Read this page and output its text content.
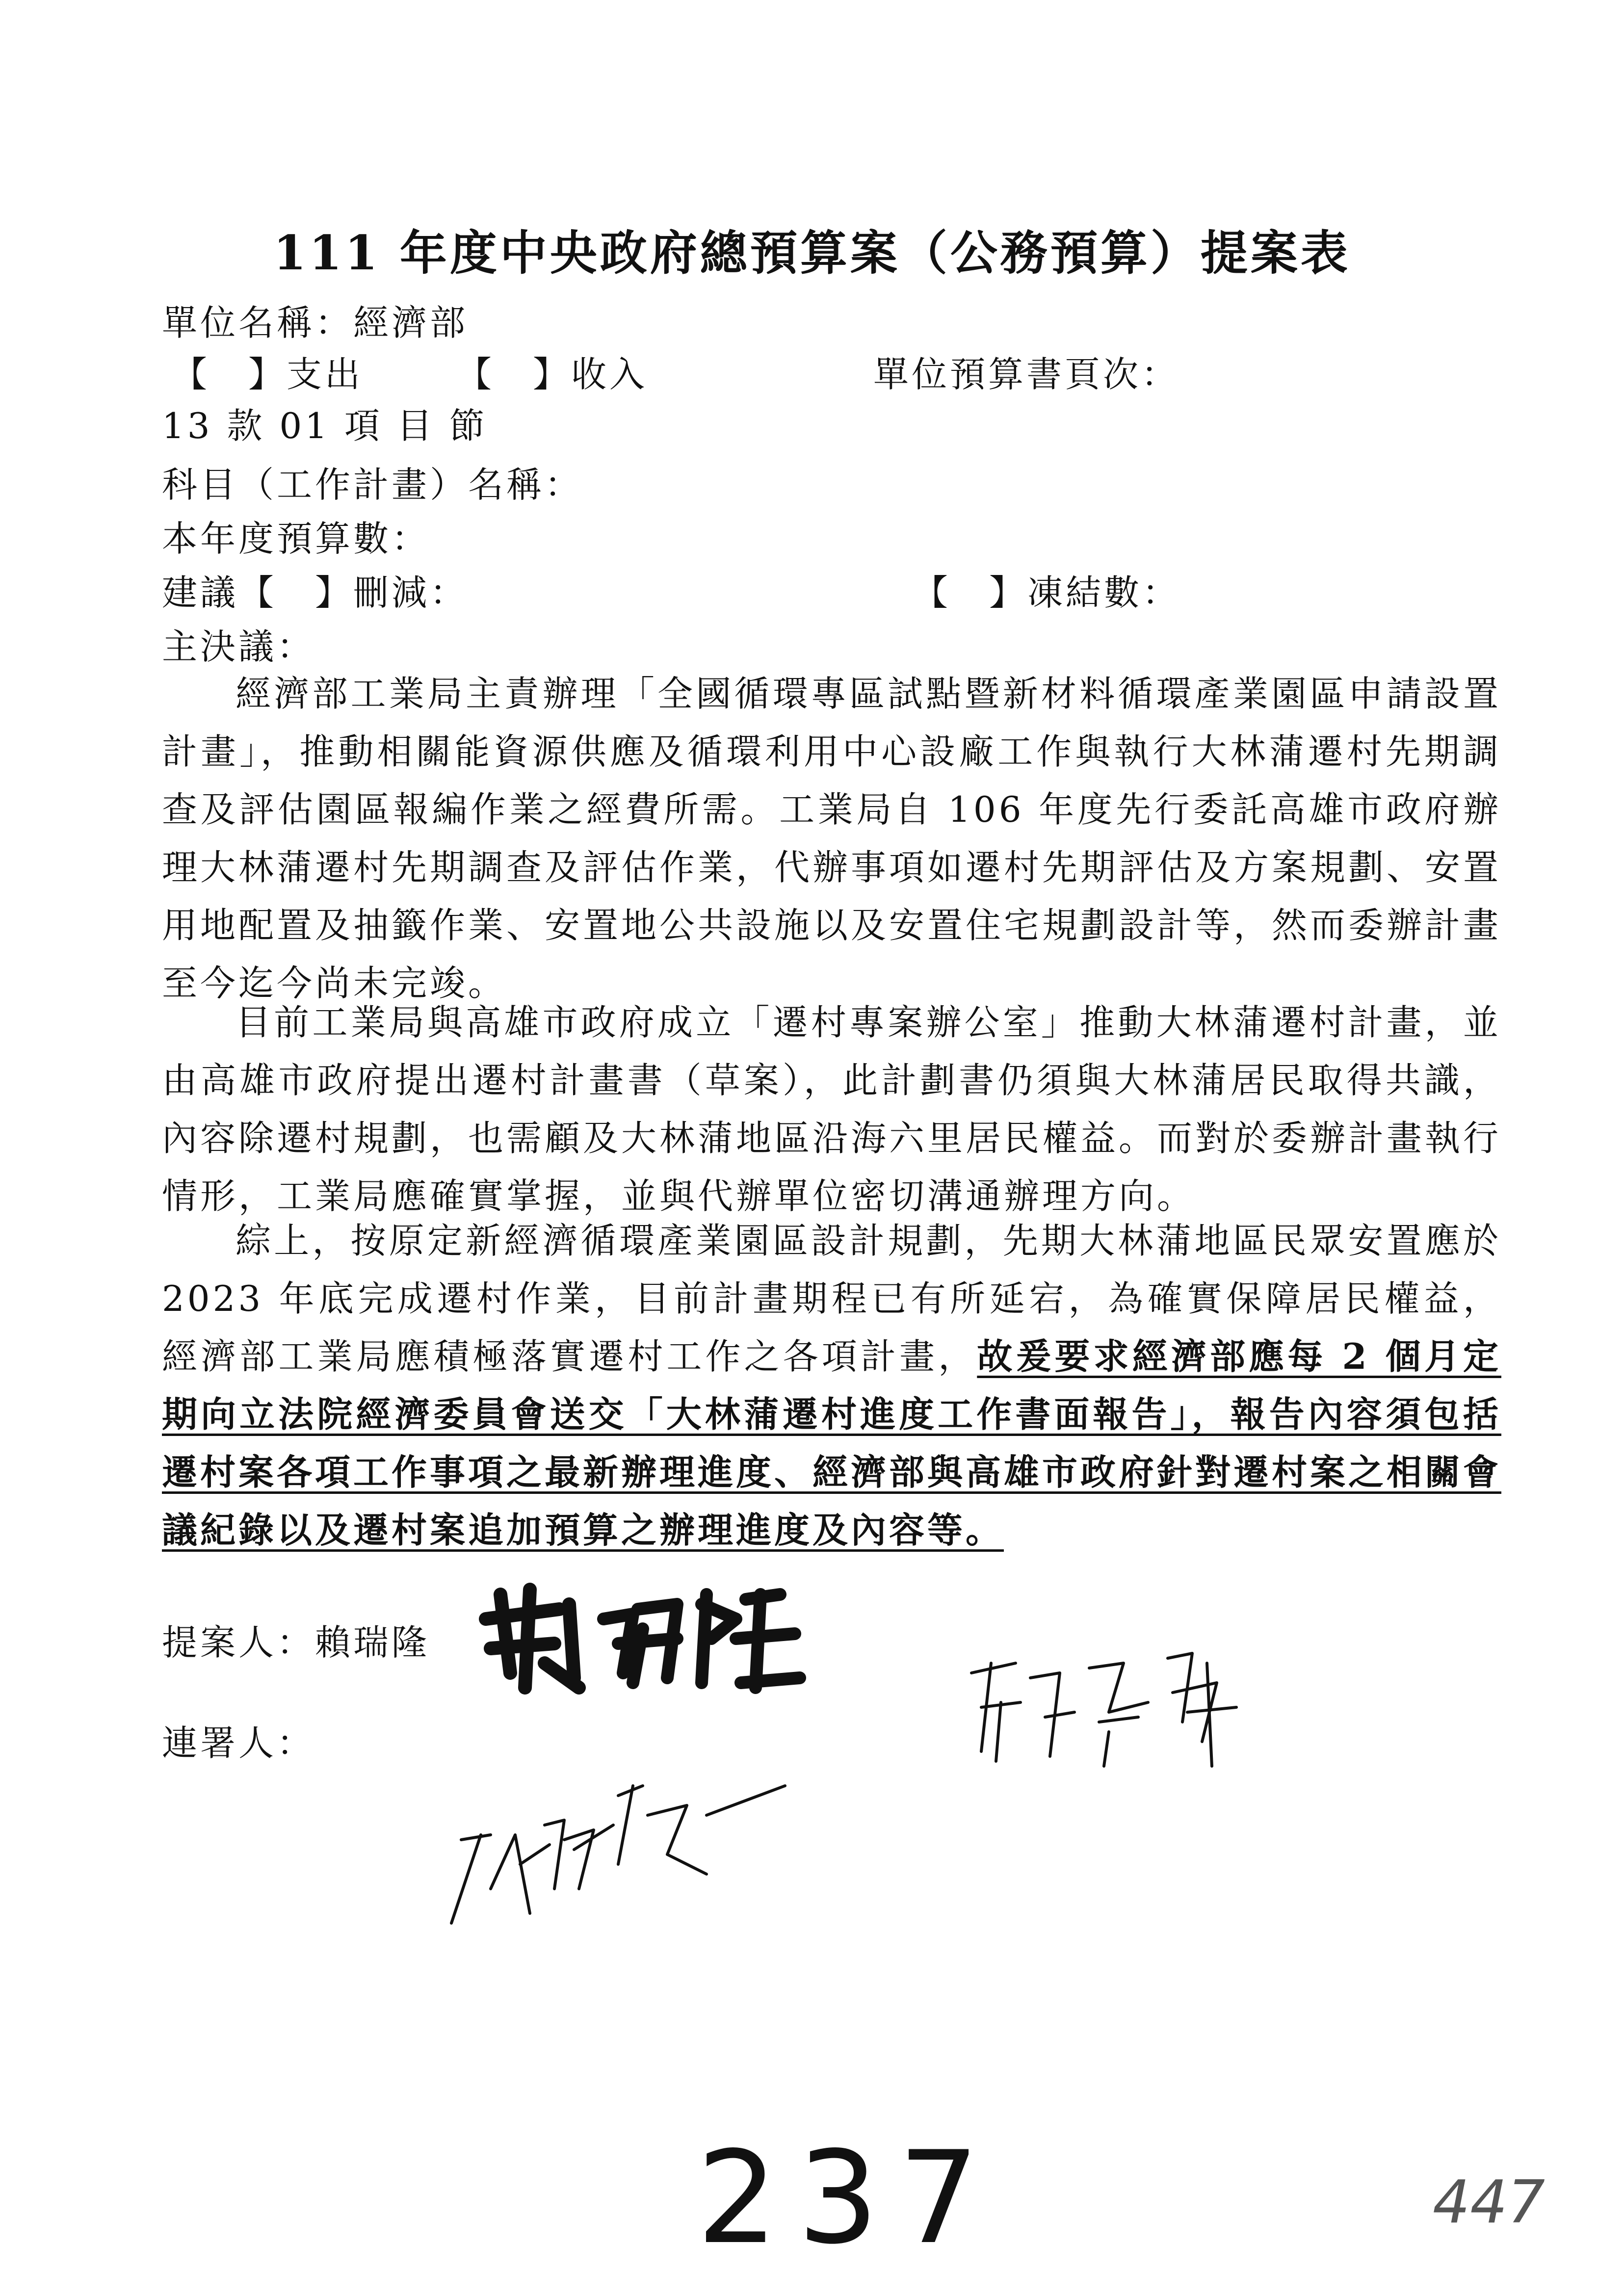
111 年度中央政府總預算案（公務預算）提案表
單位名稱：經濟部
【　】支出	【　】收入	單位預算書頁次：
13 款 01 項 目 節
科目（工作計畫）名稱：
本年度預算數：
建議【　】刪減：	【　】凍結數：
主決議：
經濟部工業局主責辦理「全國循環專區試點暨新材料循環產業園區申請設置計畫」，推動相關能資源供應及循環利用中心設廠工作與執行大林蒲遷村先期調查及評估園區報編作業之經費所需。工業局自 106 年度先行委託高雄市政府辦理大林蒲遷村先期調查及評估作業，代辦事項如遷村先期評估及方案規劃、安置用地配置及抽籤作業、安置地公共設施以及安置住宅規劃設計等，然而委辦計畫至今迄今尚未完竣。
目前工業局與高雄市政府成立「遷村專案辦公室」推動大林蒲遷村計畫，並由高雄市政府提出遷村計畫書（草案），此計劃書仍須與大林蒲居民取得共識，內容除遷村規劃，也需顧及大林蒲地區沿海六里居民權益。而對於委辦計畫執行情形，工業局應確實掌握，並與代辦單位密切溝通辦理方向。
綜上，按原定新經濟循環產業園區設計規劃，先期大林蒲地區民眾安置應於 2023 年底完成遷村作業，目前計畫期程已有所延宕，為確實保障居民權益，經濟部工業局應積極落實遷村工作之各項計畫，故爰要求經濟部應每 2 個月定期向立法院經濟委員會送交「大林蒲遷村進度工作書面報告」，報告內容須包括遷村案各項工作事項之最新辦理進度、經濟部與高雄市政府針對遷村案之相關會議紀錄以及遷村案追加預算之辦理進度及內容等。
提案人：賴瑞隆
連署人：
237	447
